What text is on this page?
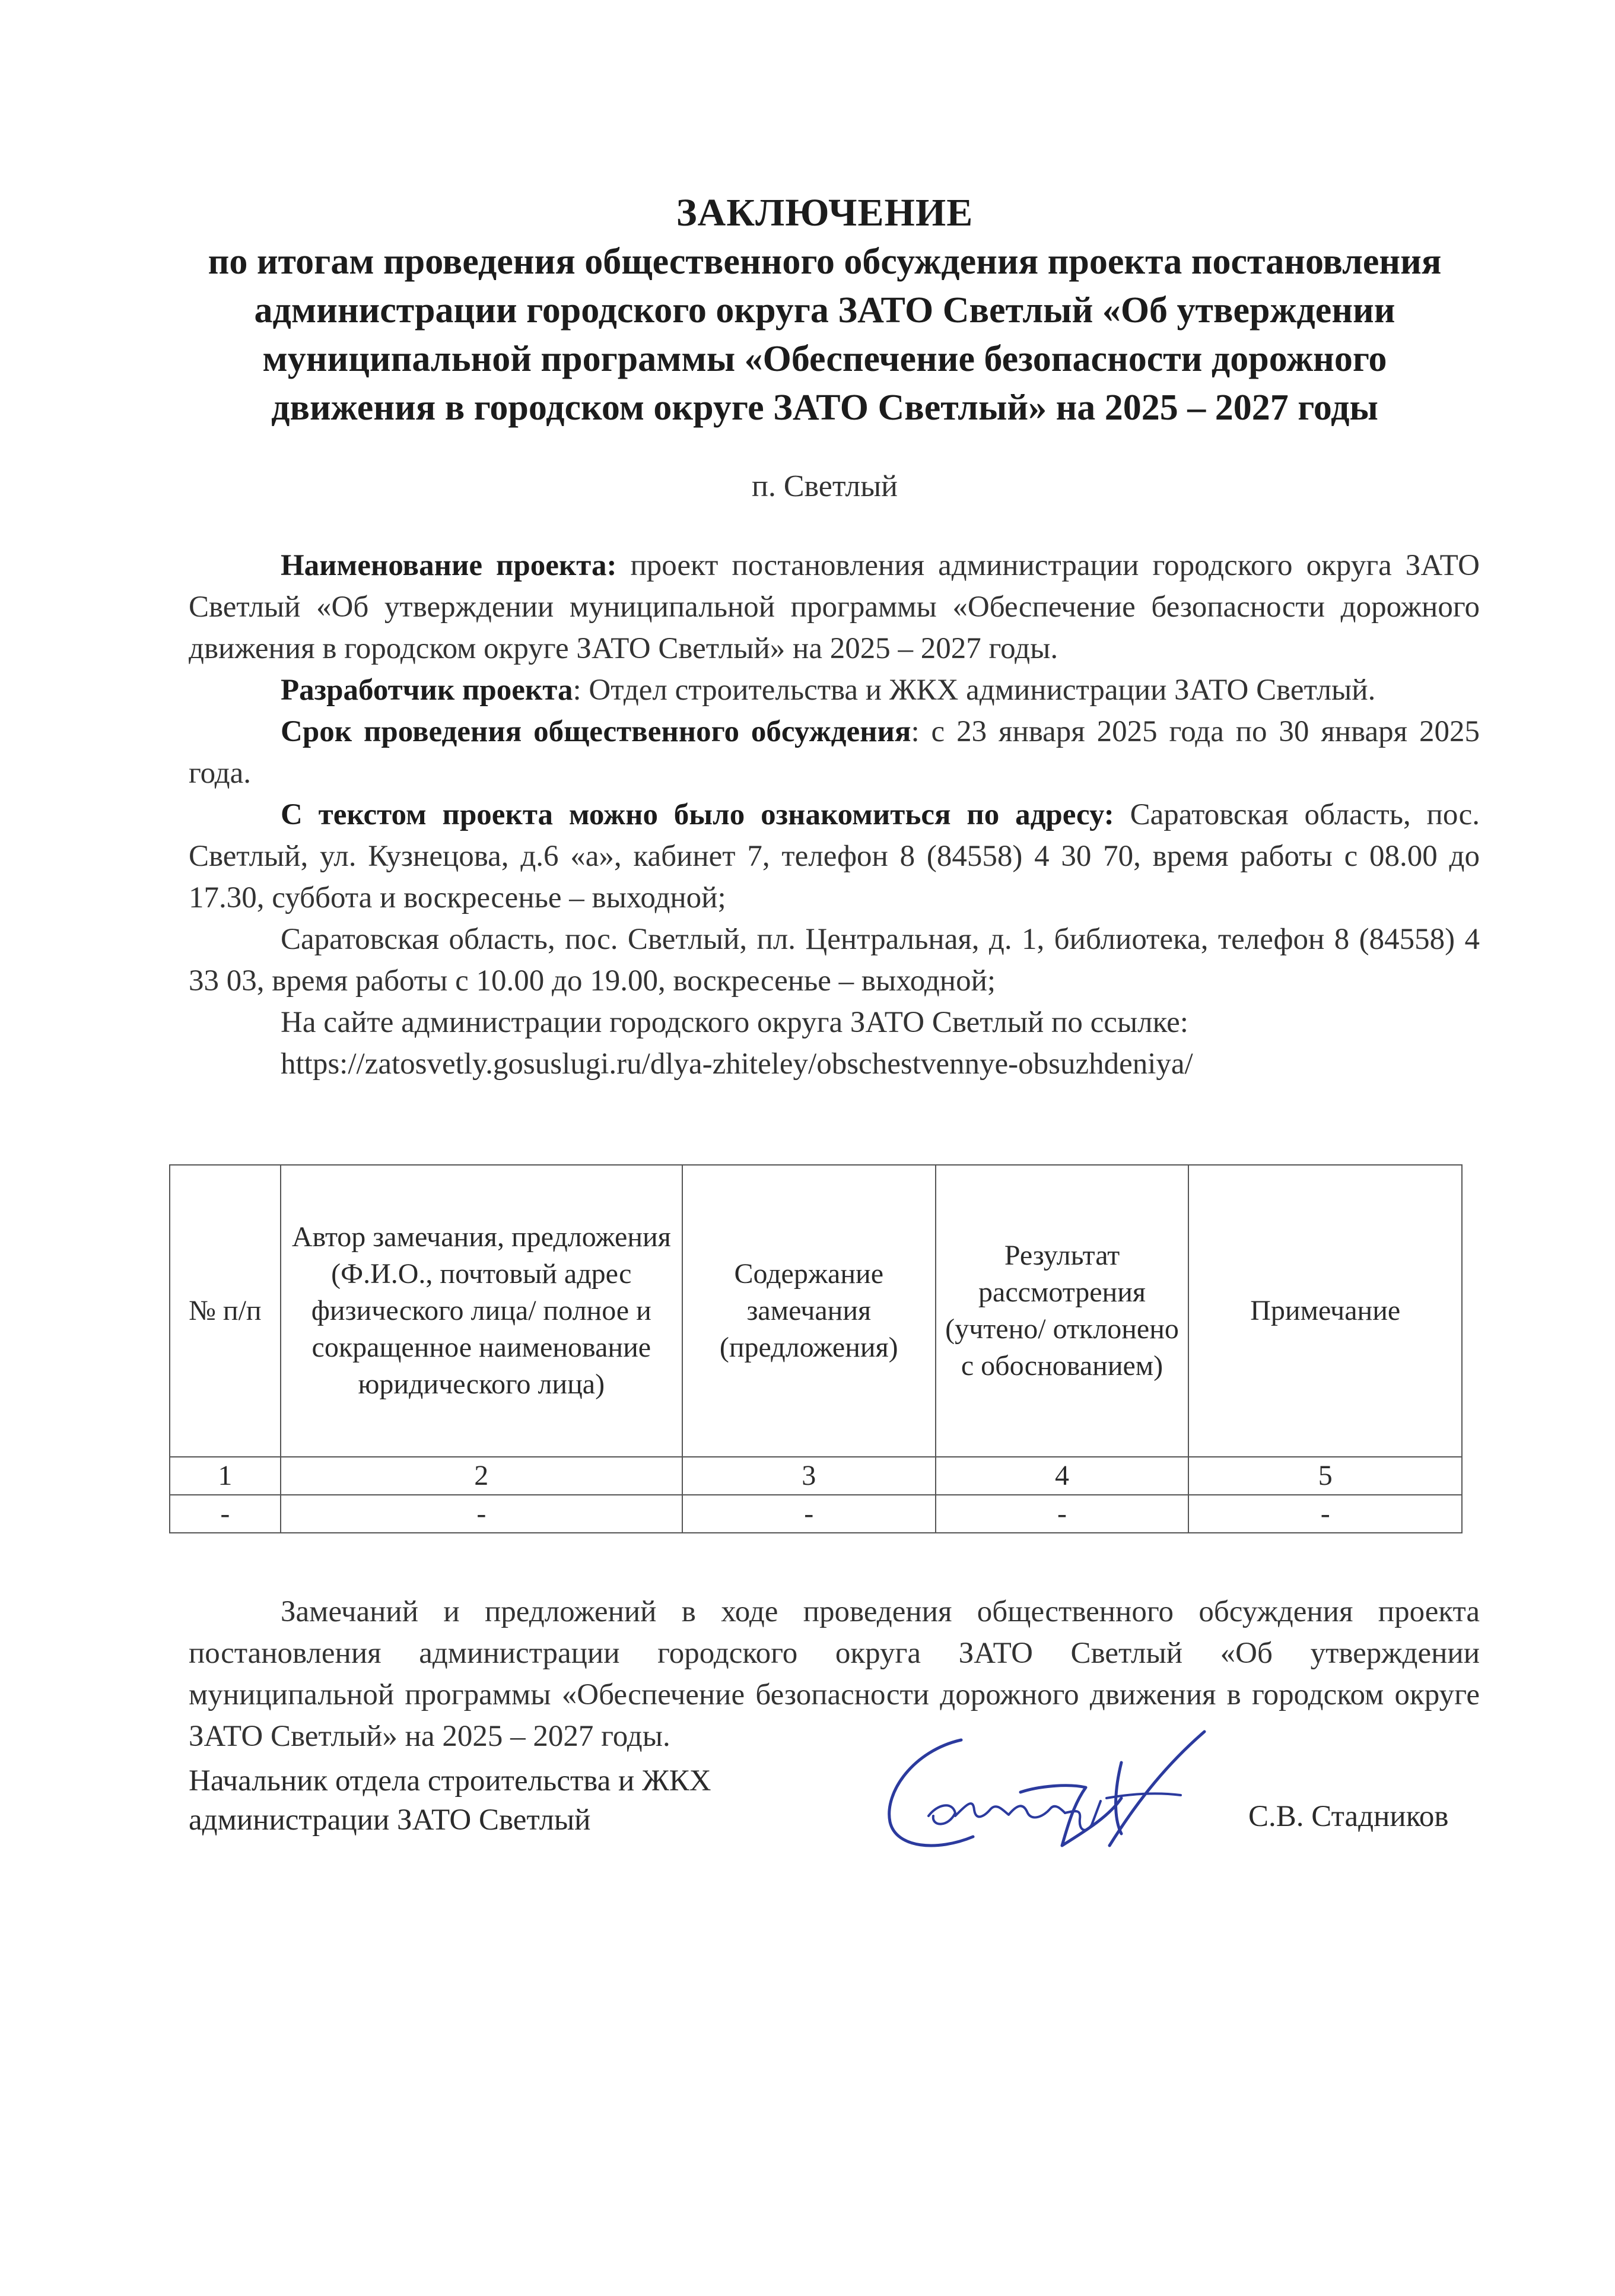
ЗАКЛЮЧЕНИЕ
по итогам проведения общественного обсуждения проекта постановления
администрации городского округа ЗАТО Светлый «Об утверждении
муниципальной программы «Обеспечение безопасности дорожного
движения в городском округе ЗАТО Светлый» на 2025 – 2027 годы
п. Светлый

Наименование проекта: проект постановления администрации городского округа ЗАТО Светлый «Об утверждении муниципальной программы «Обеспечение безопасности дорожного движения в городском округе ЗАТО Светлый» на 2025 – 2027 годы.

Разработчик проекта: Отдел строительства и ЖКХ администрации ЗАТО Светлый.

Срок проведения общественного обсуждения: с 23 января 2025 года по 30 января 2025 года.

С текстом проекта можно было ознакомиться по адресу: Саратовская область, пос. Светлый, ул. Кузнецова, д.6 «а», кабинет 7, телефон 8 (84558) 4 30 70, время работы с 08.00 до 17.30, суббота и воскресенье – выходной;

Саратовская область, пос. Светлый, пл. Центральная, д. 1, библиотека, телефон 8 (84558) 4 33 03, время работы с 10.00 до 19.00, воскресенье – выходной;

На сайте администрации городского округа ЗАТО Светлый по ссылке:

https://zatosvetly.gosuslugi.ru/dlya-zhiteley/obschestvennye-obsuzhdeniya/

№ п/п	Автор замечания, предложения (Ф.И.О., почтовый адрес физического лица/ полное и сокращенное наименование юридического лица)	Содержание замечания (предложения)	Результат рассмотрения (учтено/ отклонено с обоснованием)	Примечание
1	2	3	4	5
-	-	-	-	-

Замечаний и предложений в ходе проведения общественного обсуждения проекта постановления администрации городского округа ЗАТО Светлый «Об утверждении муниципальной программы «Обеспечение безопасности дорожного движения в городском округе ЗАТО Светлый» на 2025 – 2027 годы.

Начальник отдела строительства и ЖКХ
администрации ЗАТО Светлый	С.В. Стадников
